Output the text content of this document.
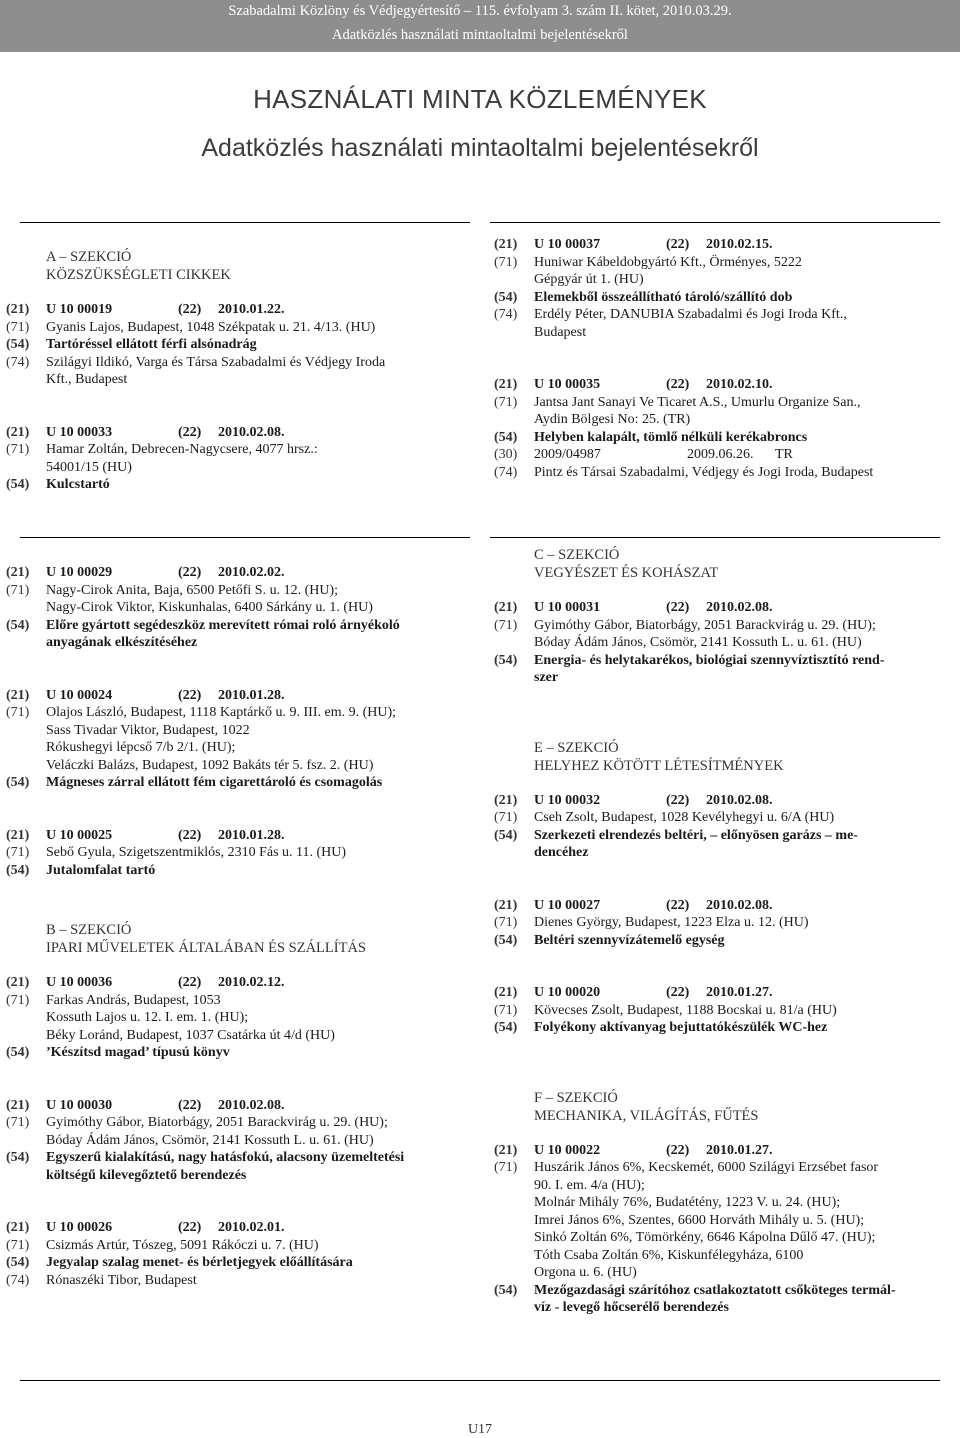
Szabadalmi Közlöny és Védjegyértesítő – 115. évfolyam 3. szám II. kötet, 2010.03.29.
Adatközlés használati mintaoltalmi bejelentésekről
HASZNÁLATI MINTA KÖZLEMÉNYEK
Adatközlés használati mintaoltalmi bejelentésekről
A – SZEKCIÓ
KÖZSZÜKSÉGLETI CIKKEK
(21)	U 10 00019	(22)	2010.01.22.
(71)	Gyanis Lajos, Budapest, 1048 Székpatak u. 21. 4/13. (HU)
(54)	Tartóréssel ellátott férfi alsónadrág
(74)	Szilágyi Ildikó, Varga és Társa Szabadalmi és Védjegy Iroda
Kft., Budapest
(21)	U 10 00033	(22)	2010.02.08.
(71)	Hamar Zoltán, Debrecen-Nagycsere, 4077 hrsz.:
54001/15 (HU)
(54)	Kulcstartó
(21)	U 10 00037	(22)	2010.02.15.
(71)	Huniwar Kábeldobgyártó Kft., Örményes, 5222
Gépgyár út 1. (HU)
(54)	Elemekből összeállítható tároló/szállító dob
(74)	Erdély Péter, DANUBIA Szabadalmi és Jogi Iroda Kft.,
Budapest
(21)	U 10 00035	(22)	2010.02.10.
(71)	Jantsa Jant Sanayi Ve Ticaret A.S., Umurlu Organize San.,
Aydin Bölgesi No: 25. (TR)
(54)	Helyben kalapált, tömlő nélküli kerékabroncs
(30)	2009/04987	2009.06.26.	TR
(74)	Pintz és Társai Szabadalmi, Védjegy és Jogi Iroda, Budapest
(21)	U 10 00029	(22)	2010.02.02.
(71)	Nagy-Cirok Anita, Baja, 6500 Petőfi S. u. 12. (HU);
Nagy-Cirok Viktor, Kiskunhalas, 6400 Sárkány u. 1. (HU)
(54)	Előre gyártott segédeszköz merevített római roló árnyékoló
anyagának elkészítéséhez
(21)	U 10 00024	(22)	2010.01.28.
(71)	Olajos László, Budapest, 1118 Kaptárkő u. 9. III. em. 9. (HU);
Sass Tivadar Viktor, Budapest, 1022
Rókushegyi lépcső 7/b 2/1. (HU);
Veláczki Balázs, Budapest, 1092 Bakáts tér 5. fsz. 2. (HU)
(54)	Mágneses zárral ellátott fém cigarettároló és csomagolás
(21)	U 10 00025	(22)	2010.01.28.
(71)	Sebő Gyula, Szigetszentmiklós, 2310 Fás u. 11. (HU)
(54)	Jutalomfalat tartó
B – SZEKCIÓ
IPARI MŰVELETEK ÁLTALÁBAN ÉS SZÁLLÍTÁS
(21)	U 10 00036	(22)	2010.02.12.
(71)	Farkas András, Budapest, 1053
Kossuth Lajos u. 12. I. em. 1. (HU);
Béky Loránd, Budapest, 1037 Csatárka út 4/d (HU)
(54)	’Készítsd magad’ típusú könyv
(21)	U 10 00030	(22)	2010.02.08.
(71)	Gyimóthy Gábor, Biatorbágy, 2051 Barackvirág u. 29. (HU);
Bóday Ádám János, Csömör, 2141 Kossuth L. u. 61. (HU)
(54)	Egyszerű kialakítású, nagy hatásfokú, alacsony üzemeltetési
költségű kilevegőztető berendezés
(21)	U 10 00026	(22)	2010.02.01.
(71)	Csizmás Artúr, Tószeg, 5091 Rákóczi u. 7. (HU)
(54)	Jegyalap szalag menet- és bérletjegyek előállítására
(74)	Rónaszéki Tibor, Budapest
C – SZEKCIÓ
VEGYÉSZET ÉS KOHÁSZAT
(21)	U 10 00031	(22)	2010.02.08.
(71)	Gyimóthy Gábor, Biatorbágy, 2051 Barackvirág u. 29. (HU);
Bóday Ádám János, Csömör, 2141 Kossuth L. u. 61. (HU)
(54)	Energia- és helytakarékos, biológiai szennyvíztisztító rend-
szer
E – SZEKCIÓ
HELYHEZ KÖTÖTT LÉTESÍTMÉNYEK
(21)	U 10 00032	(22)	2010.02.08.
(71)	Cseh Zsolt, Budapest, 1028 Kevélyhegyi u. 6/A (HU)
(54)	Szerkezeti elrendezés beltéri, – előnyösen garázs – me-
dencéhez
(21)	U 10 00027	(22)	2010.02.08.
(71)	Dienes György, Budapest, 1223 Elza u. 12. (HU)
(54)	Beltéri szennyvízátemelő egység
(21)	U 10 00020	(22)	2010.01.27.
(71)	Kövecses Zsolt, Budapest, 1188 Bocskai u. 81/a (HU)
(54)	Folyékony aktívanyag bejuttatókészülék WC-hez
F – SZEKCIÓ
MECHANIKA, VILÁGÍTÁS, FŰTÉS
(21)	U 10 00022	(22)	2010.01.27.
(71)	Huszárik János 6%, Kecskemét, 6000 Szilágyi Erzsébet fasor
90. I. em. 4/a (HU);
Molnár Mihály 76%, Budatétény, 1223 V. u. 24. (HU);
Imrei János 6%, Szentes, 6600 Horváth Mihály u. 5. (HU);
Sinkó Zoltán 6%, Tömörkény, 6646 Kápolna Dűlő 47. (HU);
Tóth Csaba Zoltán 6%, Kiskunfélegyháza, 6100
Orgona u. 6. (HU)
(54)	Mezőgazdasági szárítóhoz csatlakoztatott csőköteges termál-
víz - levegő hőcserélő berendezés
U17
